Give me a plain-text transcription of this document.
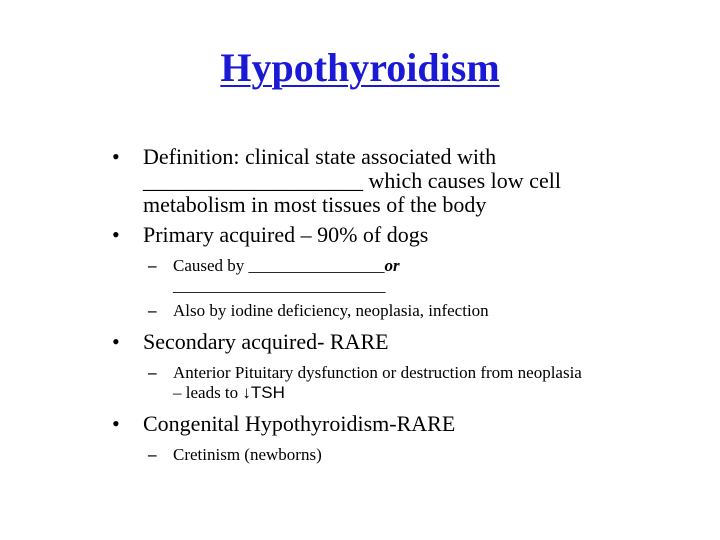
Hypothyroidism
• Definition: clinical state associated with
____________________ which causes low cell
metabolism in most tissues of the body
• Primary acquired – 90% of dogs
– Caused by ________________or
_________________________
– Also by iodine deficiency, neoplasia, infection
• Secondary acquired- RARE
– Anterior Pituitary dysfunction or destruction from neoplasia
– leads to ↓TSH
• Congenital Hypothyroidism-RARE
– Cretinism (newborns)
